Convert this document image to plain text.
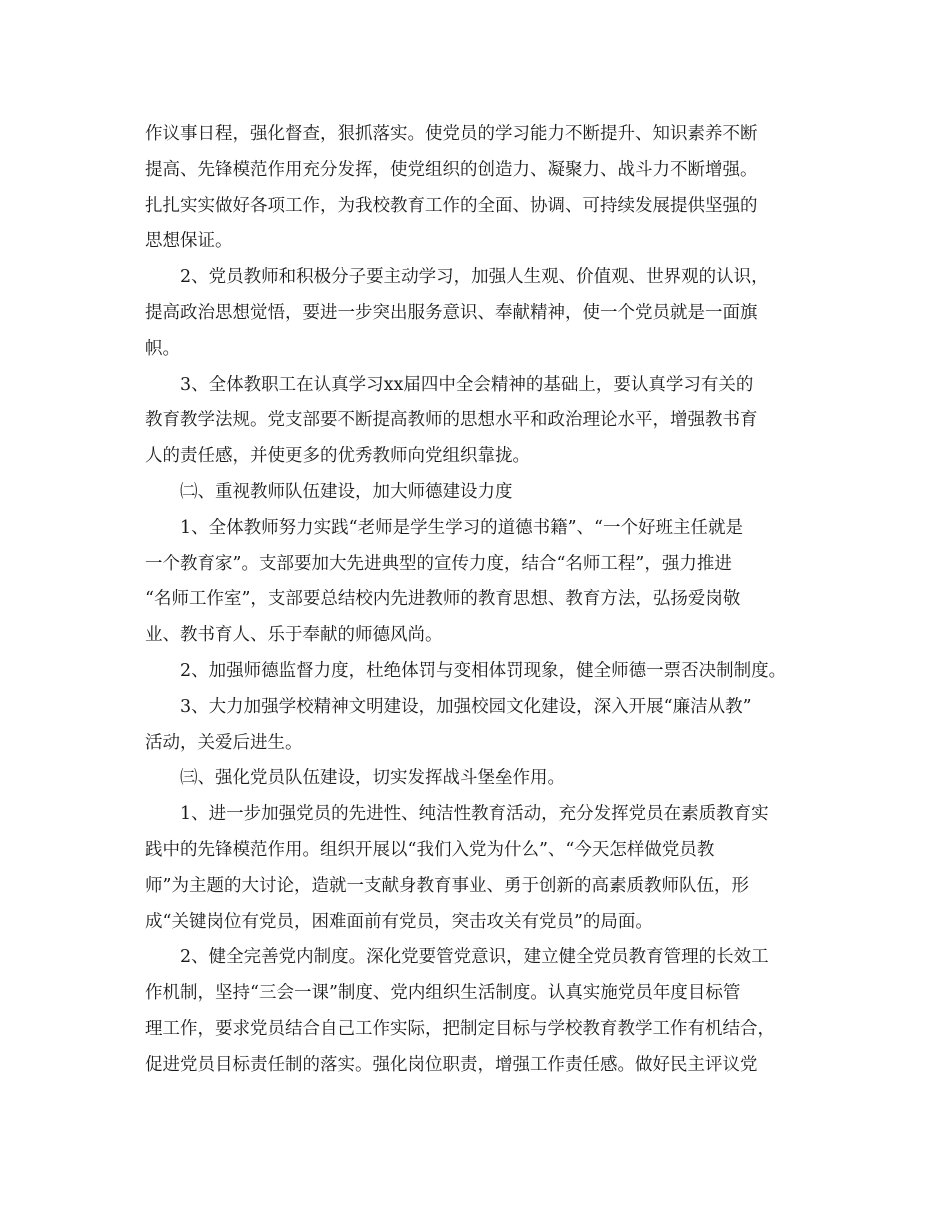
作议事日程，强化督查，狠抓落实。使党员的学习能力不断提升、知识素养不断
提高、先锋模范作用充分发挥，使党组织的创造力、凝聚力、战斗力不断增强。
扎扎实实做好各项工作，为我校教育工作的全面、协调、可持续发展提供坚强的
思想保证。
2、党员教师和积极分子要主动学习，加强人生观、价值观、世界观的认识，
提高政治思想觉悟，要进一步突出服务意识、奉献精神，使一个党员就是一面旗
帜。
3、全体教职工在认真学习xx届四中全会精神的基础上，要认真学习有关的
教育教学法规。党支部要不断提高教师的思想水平和政治理论水平，增强教书育
人的责任感，并使更多的优秀教师向党组织靠拢。
㈡、重视教师队伍建设，加大师德建设力度
1、全体教师努力实践“老师是学生学习的道德书籍”、“一个好班主任就是
一个教育家”。支部要加大先进典型的宣传力度，结合“名师工程”，强力推进
“名师工作室”，支部要总结校内先进教师的教育思想、教育方法，弘扬爱岗敬
业、教书育人、乐于奉献的师德风尚。
2、加强师德监督力度，杜绝体罚与变相体罚现象，健全师德一票否决制制度。
3、大力加强学校精神文明建设，加强校园文化建设，深入开展“廉洁从教”
活动，关爱后进生。
㈢、强化党员队伍建设，切实发挥战斗堡垒作用。
1、进一步加强党员的先进性、纯洁性教育活动，充分发挥党员在素质教育实
践中的先锋模范作用。组织开展以“我们入党为什么”、“今天怎样做党员教
师”为主题的大讨论，造就一支献身教育事业、勇于创新的高素质教师队伍，形
成“关键岗位有党员，困难面前有党员，突击攻关有党员”的局面。
2、健全完善党内制度。深化党要管党意识，建立健全党员教育管理的长效工
作机制，坚持“三会一课”制度、党内组织生活制度。认真实施党员年度目标管
理工作，要求党员结合自己工作实际，把制定目标与学校教育教学工作有机结合，
促进党员目标责任制的落实。强化岗位职责，增强工作责任感。做好民主评议党
